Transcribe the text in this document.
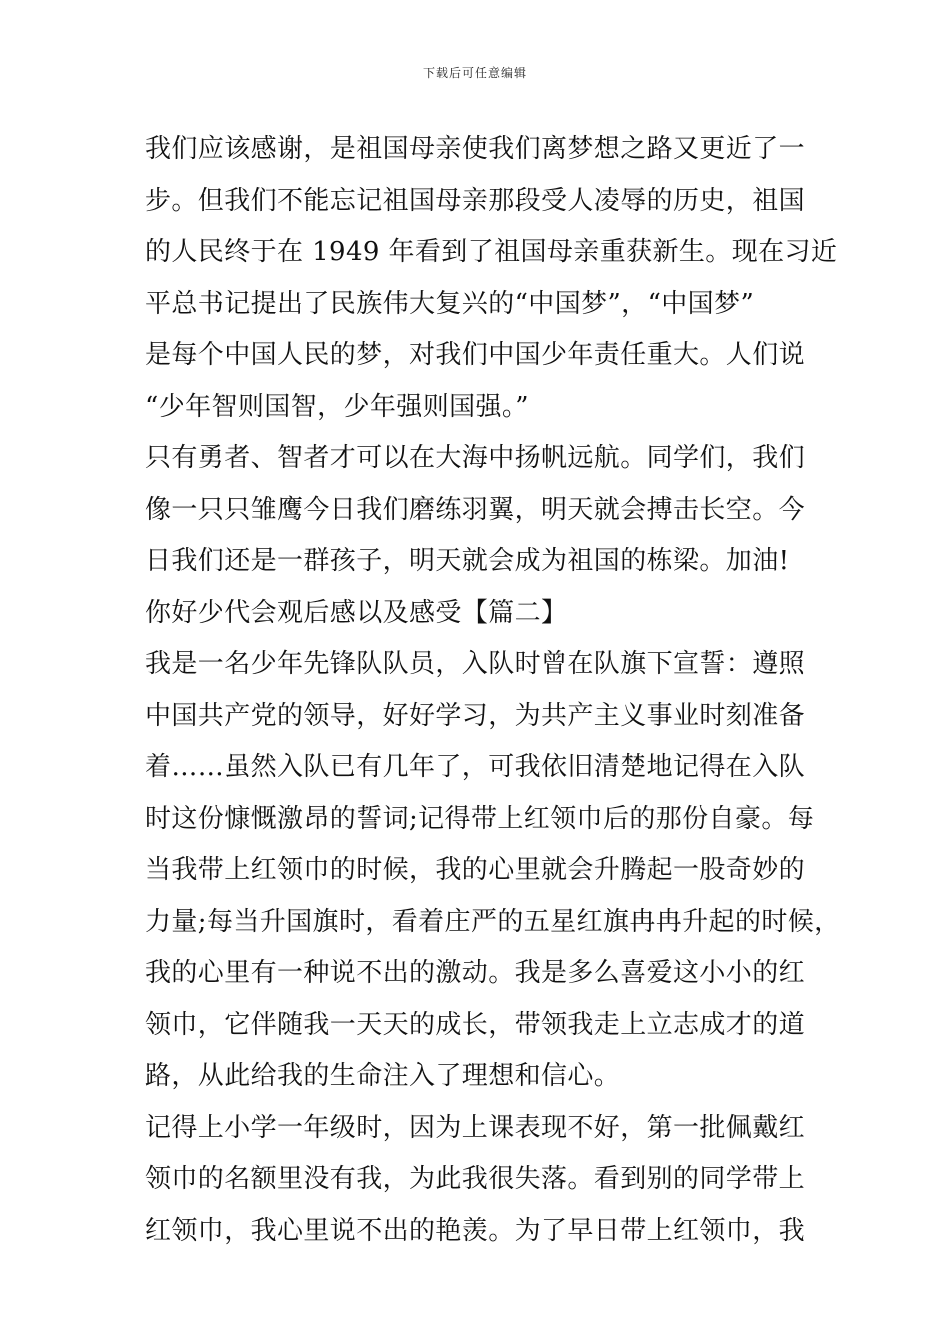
下载后可任意编辑
我们应该感谢，是祖国母亲使我们离梦想之路又更近了一
步。但我们不能忘记祖国母亲那段受人凌辱的历史，祖国
的人民终于在 1949 年看到了祖国母亲重获新生。现在习近
平总书记提出了民族伟大复兴的“中国梦”，“中国梦”
是每个中国人民的梦，对我们中国少年责任重大。人们说
“少年智则国智，少年强则国强。”
只有勇者、智者才可以在大海中扬帆远航。同学们，我们
像一只只雏鹰今日我们磨练羽翼，明天就会搏击长空。今
日我们还是一群孩子，明天就会成为祖国的栋梁。加油!
你好少代会观后感以及感受【篇二】
我是一名少年先锋队队员，入队时曾在队旗下宣誓：遵照
中国共产党的领导，好好学习，为共产主义事业时刻准备
着……虽然入队已有几年了，可我依旧清楚地记得在入队
时这份慷慨激昂的誓词;记得带上红领巾后的那份自豪。每
当我带上红领巾的时候，我的心里就会升腾起一股奇妙的
力量;每当升国旗时，看着庄严的五星红旗冉冉升起的时候，
我的心里有一种说不出的激动。我是多么喜爱这小小的红
领巾，它伴随我一天天的成长，带领我走上立志成才的道
路，从此给我的生命注入了理想和信心。
记得上小学一年级时，因为上课表现不好，第一批佩戴红
领巾的名额里没有我，为此我很失落。看到别的同学带上
红领巾，我心里说不出的艳羡。为了早日带上红领巾，我
